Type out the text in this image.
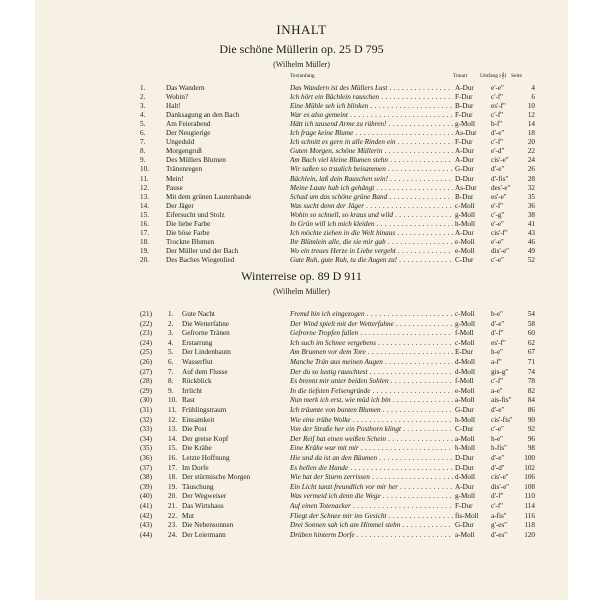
INHALT
Die schöne Müllerin op. 25 D 795
(Wilhelm Müller)
Textanfang	Tonart Umfang (𝄞) Seite
1.	Das Wandern	Das Wandern ist des Müllers Lust . . .	A-Dur	e'-e''	4
2.	Wohin?	Ich hört ein Bächlein rauschen . . .	F-Dur	c'-f''	6
3.	Halt!	Eine Mühle seh ich blinken . . .	B-Dur	es'-f''	10
4.	Danksagung an den Bach	War es also gemeint . . .	F-Dur	c'-f''	12
5.	Am Feierabend	Hätt ich tausend Arme zu rühren! . . .	g-Moll	b-f''	14
6.	Der Neugierige	Ich frage keine Blume . . .	As-Dur	d'-e''	18
7.	Ungeduld	Ich schnitt es gern in alle Rinden ein . . .	F-Dur	c'-f''	20
8.	Morgengruß	Guten Morgen, schöne Müllerin . . .	A-Dur	e'-d''	22
9.	Des Müllers Blumen	Am Bach viel kleine Blumen stehn . . .	A-Dur	cis'-e''	24
10.	Tränenregen	Wir saßen so traulich beisammen . . .	G-Dur	d'-e''	26
11.	Mein!	Bächlein, laß dein Rauschen sein! . . .	D-Dur	d'-fis''	28
12.	Pause	Meine Laute hab ich gehängt . . .	As-Dur	des'-e''	32
13.	Mit dem grünen Lautenbande	Schad um das schöne grüne Band . . .	B-Dur	es'-e''	35
14.	Der Jäger	Was sucht denn der Jäger . . .	c-Moll	e'-f''	36
15.	Eifersucht und Stolz	Wohin so schnell, so kraus und wild . . .	g-Moll	c'-g''	38
16.	Die liebe Farbe	In Grün will ich mich kleiden . . .	h-Moll	e'-e''	41
17.	Die böse Farbe	Ich möchte ziehen in die Welt hinaus . . .	A-Dur	cis'-f''	43
18.	Trockne Blumen	Ihr Blümlein alle, die sie mir gab . . .	e-Moll	e'-e''	46
19.	Der Müller und der Bach	Wo ein treues Herze in Liebe vergeht . . .	e-Moll	dis'-e''	49
20.	Des Baches Wiegenlied	Gute Ruh, gute Ruh, tu die Augen zu! . . .	C-Dur	c'-e''	52
Winterreise op. 89 D 911
(Wilhelm Müller)
(21)	1.	Gute Nacht	Fremd bin ich eingezogen . . .	c-Moll	b-e''	54
(22)	2.	Die Wetterfahne	Der Wind spielt mit der Wetterfahne . . .	g-Moll	d'-e''	58
(23)	3.	Gefrorne Tränen	Gefrorne Tropfen fallen . . .	f-Moll	d'-f''	60
(24)	4.	Erstarrung	Ich such im Schnee vergebens . . .	c-Moll	es'-f''	62
(25)	5.	Der Lindenbaum	Am Brunnen vor dem Tore . . .	E-Dur	h-e''	67
(26)	6.	Wasserflut	Manche Trän aus meinen Augen . . .	d-Moll	a-f''	71
(27)	7.	Auf dem Flusse	Der du so lustig rauschtest . . .	d-Moll	gis-g''	74
(28)	8.	Rückblick	Es brennt mir unter beiden Sohlen . . .	f-Moll	c'-f''	78
(29)	9.	Irrlicht	In die tiefsten Felsengründe . . .	e-Moll	a-e''	82
(30)	10. Rast	Nun merk ich erst, wie müd ich bin . . .	a-Moll	ais-fis''	84
(31)	11. Frühlingstraum	Ich träumte von bunten Blumen . . .	G-Dur	d'-e''	86
(32)	12. Einsamkeit	Wie eine trübe Wolke . . .	h-Moll	cis'-fis''	90
(33)	13. Die Post	Von der Straße her ein Posthorn klingt . . .	C-Dur	c'-e''	92
(34)	14. Der greise Kopf	Der Reif hat einen weißen Schein . . .	a-Moll	h-e''	96
(35)	15. Die Krähe	Eine Krähe war mit mir . . .	h-Moll	h-fis''	98
(36)	16. Letzte Hoffnung	Hie und da ist an den Bäumen . . .	D-Dur	d'-e''	100
(37)	17. Im Dorfe	Es bellen die Hunde . . .	D-Dur	d'-d''	102
(38)	18. Der stürmische Morgen	Wie hat der Sturm zerrissen . . .	d-Moll	cis'-e''	106
(39)	19. Täuschung	Ein Licht tanzt freundlich vor mir her . . .	A-Dur	dis'-e''	108
(40)	20. Der Wegweiser	Was vermeid ich denn die Wege . . .	g-Moll	d'-f''	110
(41)	21. Das Wirtshaus	Auf einen Totenacker . . .	F-Dur	c'-f''	114
(42)	22. Mut	Fliegt der Schnee mir ins Gesicht . . .	fis-Moll	a-fis''	116
(43)	23. Die Nebensonnen	Drei Sonnen sah ich am Himmel stehn . . .	G-Dur	g'-es''	118
(44)	24. Der Leiermann	Drüben hinterm Dorfe . . .	a-Moll	d'-es''	120
